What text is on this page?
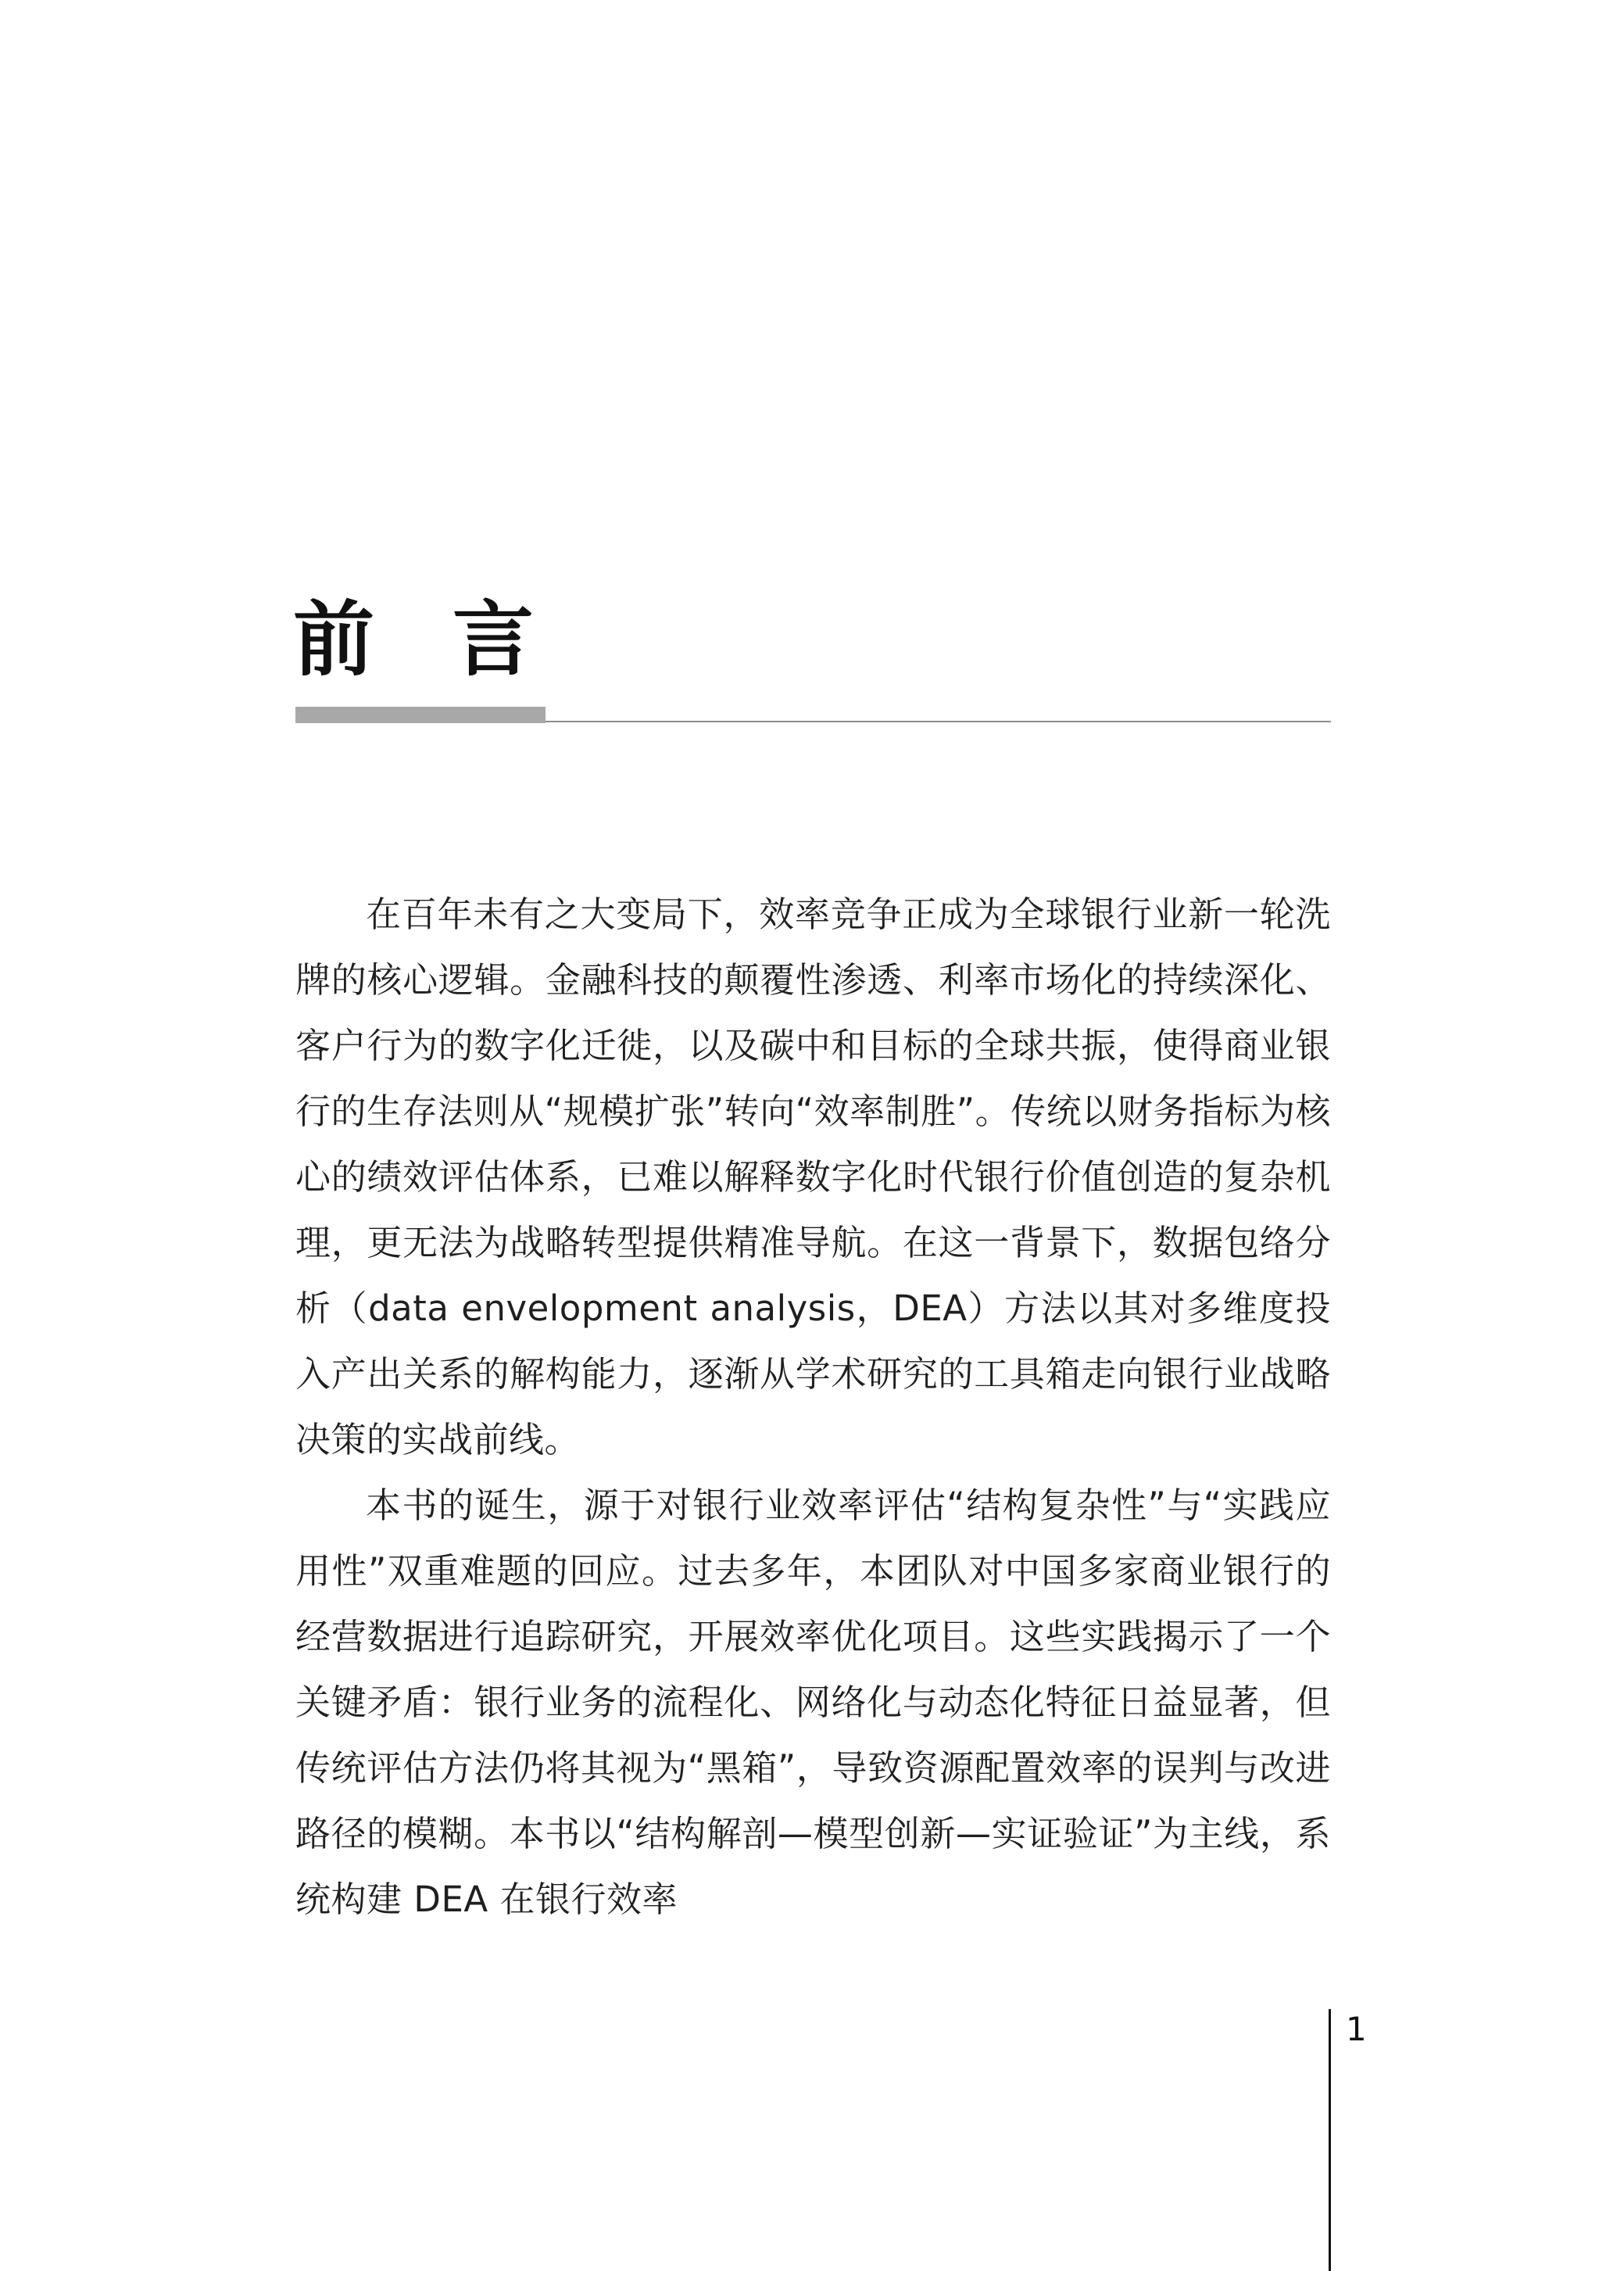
前言

在百年未有之大变局下，效率竞争正成为全球银行业新一轮洗牌的核心逻辑。金融科技的颠覆性渗透、利率市场化的持续深化、客户行为的数字化迁徙，以及碳中和目标的全球共振，使得商业银行的生存法则从“规模扩张”转向“效率制胜”。传统以财务指标为核心的绩效评估体系，已难以解释数字化时代银行价值创造的复杂机理，更无法为战略转型提供精准导航。在这一背景下，数据包络分析（data envelopment analysis，DEA）方法以其对多维度投入产出关系的解构能力，逐渐从学术研究的工具箱走向银行业战略决策的实战前线。

本书的诞生，源于对银行业效率评估“结构复杂性”与“实践应用性”双重难题的回应。过去多年，本团队对中国多家商业银行的经营数据进行追踪研究，开展效率优化项目。这些实践揭示了一个关键矛盾：银行业务的流程化、网络化与动态化特征日益显著，但传统评估方法仍将其视为“黑箱”，导致资源配置效率的误判与改进路径的模糊。本书以“结构解剖—模型创新—实证验证”为主线，系统构建 DEA 在银行效率

1
